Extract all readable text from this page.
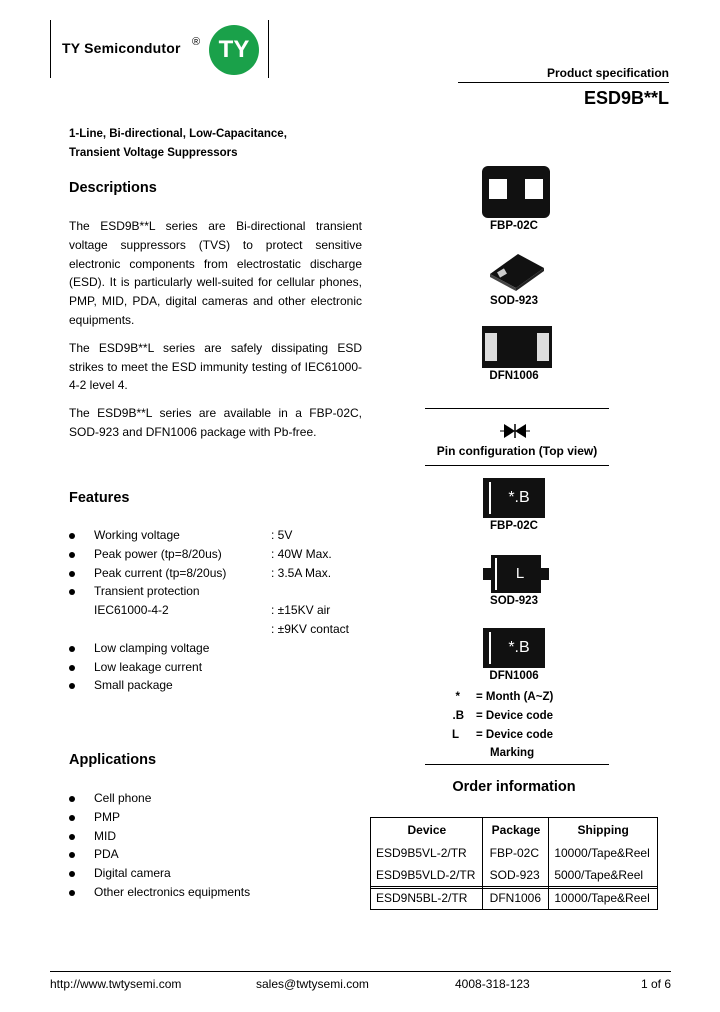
TY Semicondutor ® TY
Product specification
ESD9B**L
1-Line, Bi-directional, Low-Capacitance,
Transient Voltage Suppressors
Descriptions

The ESD9B**L series are Bi-directional transient voltage suppressors (TVS) to protect sensitive electronic components from electrostatic discharge (ESD). It is particularly well-suited for cellular phones, PMP, MID, PDA, digital cameras and other electronic equipments.

The ESD9B**L series are safely dissipating ESD strikes to meet the ESD immunity testing of IEC61000-4-2 level 4.

The ESD9B**L series are available in a FBP-02C, SOD-923 and DFN1006 package with Pb-free.

Features
Working voltage	: 5V
Peak power (tp=8/20us)	: 40W Max.
Peak current (tp=8/20us)	: 3.5A Max.
Transient protection
IEC61000-4-2	: ±15KV air
: ±9KV contact
Low clamping voltage
Low leakage current
Small package
Applications
Cell phone
PMP
MID
PDA
Digital camera
Other electronics equipments
FBP-02C
SOD-923
DFN1006
Pin configuration (Top view)
*.B
FBP-02C
L
SOD-923
*.B
DFN1006
* = Month (A~Z)
.B = Device code
L = Device code
Marking
Order information
Device	Package	Shipping
ESD9B5VL-2/TR	FBP-02C	10000/Tape&Reel
ESD9B5VLD-2/TR	SOD-923	5000/Tape&Reel
ESD9N5BL-2/TR	DFN1006	10000/Tape&Reel
http://www.twtysemi.com	sales@twtysemi.com	4008-318-123	1 of 6
